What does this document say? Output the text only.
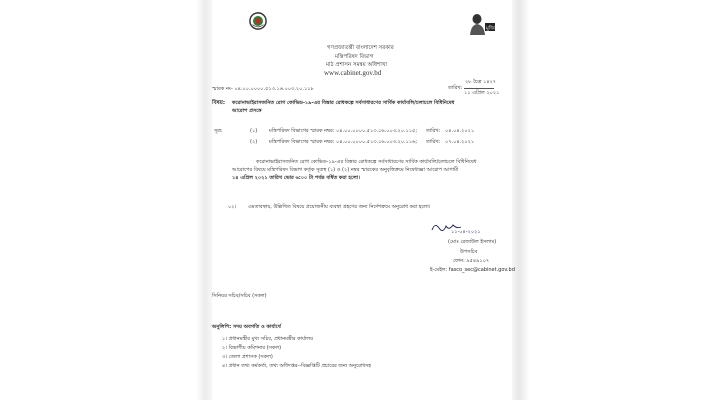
মুজিব
গণপ্রজাতন্ত্রী বাংলাদেশ সরকার
মন্ত্রিপরিষদ বিভাগ
মাঠ প্রশাসন সমন্বয় অধিশাখা
www.cabinet.gov.bd
স্মারক নং- ০৪.০০.০০০০.৫১৩.১৬.০০৩.২০.১১৮
২৮ চৈত্র ১৪২৭
তারিখ:
১১ এপ্রিল ২০২১
বিষয়: করোনাভাইরাসজনিত রোগ কোভিড-১৯-এর বিস্তার রোধকল্পে সর্বসাধারণের সার্বিক কার্যাবলি/চলাচলে বিধিনিষেধ
আরোপ প্রসঙ্গে
সূত্র:	(১) মন্ত্রিপরিষদ বিভাগের স্মারক নম্বর: ০৪.০০.০০০০.৫১৩.১৬.০০৩.২০.১১৫; তারিখ: ০৪.০৪.২০২১
(২) মন্ত্রিপরিষদ বিভাগের স্মারক নম্বর: ০৪.০০.০০০০.৫১৩.১৬.০০৩.২০.১১৬; তারিখ: ০৭.০৪.২০২১
করোনাভাইরাসজনিত রোগ কোভিড-১৯-এর বিস্তার রোধকল্পে সর্বসাধারণের সার্বিক কার্যাবলি/চলাচলে বিধিনিষেধ
আরোপের বিষয়ে মন্ত্রিপরিষদ বিভাগ কর্তৃক সূত্রস্থ (১) ও (২) নম্বর স্মারকের অনুবৃত্তিক্রমে নিষেধাজ্ঞা আরোপ আগামী
১৪ এপ্রিল ২০২১ তারিখ ভোর ৬:০০ টা পর্যন্ত বর্ধিত করা হলো।
০২। এমতাবস্থায়, উল্লিখিত বিষয়ে প্রয়োজনীয় ব্যবস্থা গ্রহণের জন্য নির্দেশক্রমে অনুরোধ করা হলো।
১১-০৪-২০২১
(মোঃ রেজাউল ইসলাম)
উপসচিব
ফোন: ৯৫৪৯১০৭
ই-মেইল: fasco_sec@cabinet.gov.bd
সিনিয়র সচিব/সচিব (সকল)
অনুলিপি: সদয় অবগতি ও কার্যার্থে
১। প্রধানমন্ত্রীর মুখ্য সচিব, প্রধানমন্ত্রীর কার্যালয়
২। বিভাগীয় কমিশনার (সকল)
৩। জেলা প্রশাসক (সকল)
৪। প্রধান তথ্য কর্মকর্তা, তথ্য অধিদপ্তর--বিজ্ঞপ্তিটি প্রচারের জন্য অনুরোধসহ
